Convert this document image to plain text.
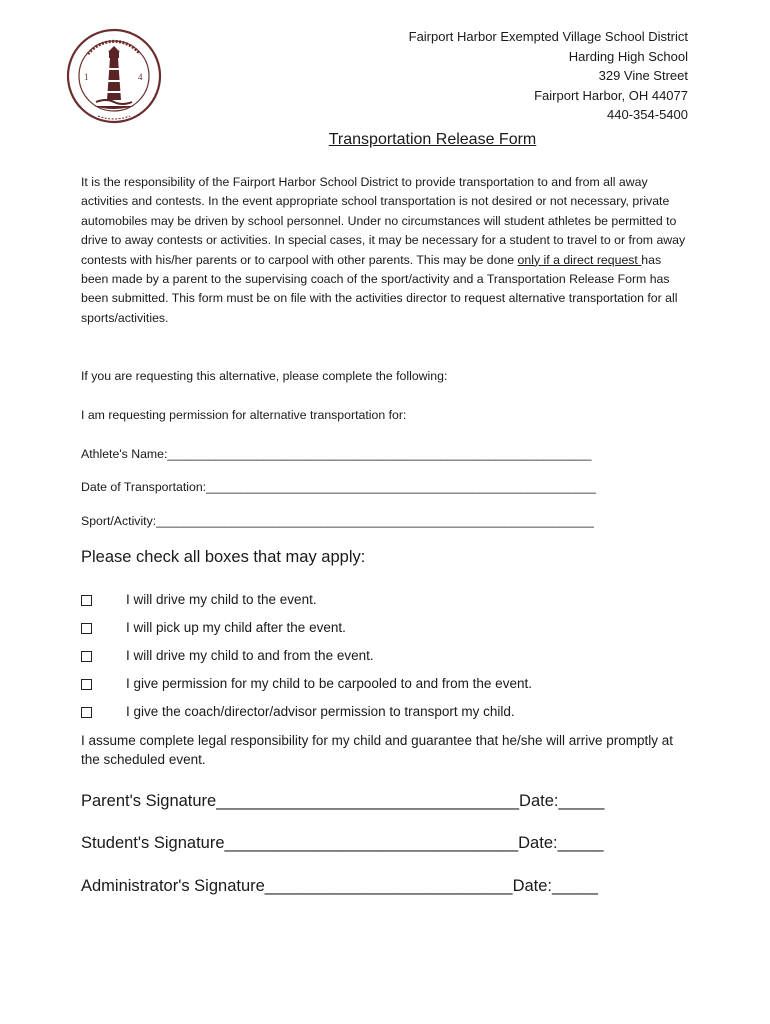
1	4
Fairport Harbor Exempted Village School District
Harding High School
329 Vine Street
Fairport Harbor, OH 44077
440-354-5400
Transportation Release Form
It is the responsibility of the Fairport Harbor School District to provide transportation to and from all away activities and contests. In the event appropriate school transportation is not desired or not necessary, private automobiles may be driven by school personnel. Under no circumstances will student athletes be permitted to drive to away contests or activities. In special cases, it may be necessary for a student to travel to or from away contests with his/her parents or to carpool with other parents. This may be done only if a direct request has been made by a parent to the supervising coach of the sport/activity and a Transportation Release Form has been submitted. This form must be on file with the activities director to request alternative transportation for all sports/activities.
If you are requesting this alternative, please complete the following:
I am requesting permission for alternative transportation for:
Athlete's Name:______________________________________________________________
Date of Transportation:_________________________________________________________
Sport/Activity:________________________________________________________________
Please check all boxes that may apply:
I will drive my child to the event.
I will pick up my child after the event.
I will drive my child to and from the event.
I give permission for my child to be carpooled to and from the event.
I give the coach/director/advisor permission to transport my child.
I assume complete legal responsibility for my child and guarantee that he/she will arrive promptly at the scheduled event.
Parent's Signature_________________________________Date:_____
Student's Signature________________________________Date:_____
Administrator's Signature___________________________Date:_____
